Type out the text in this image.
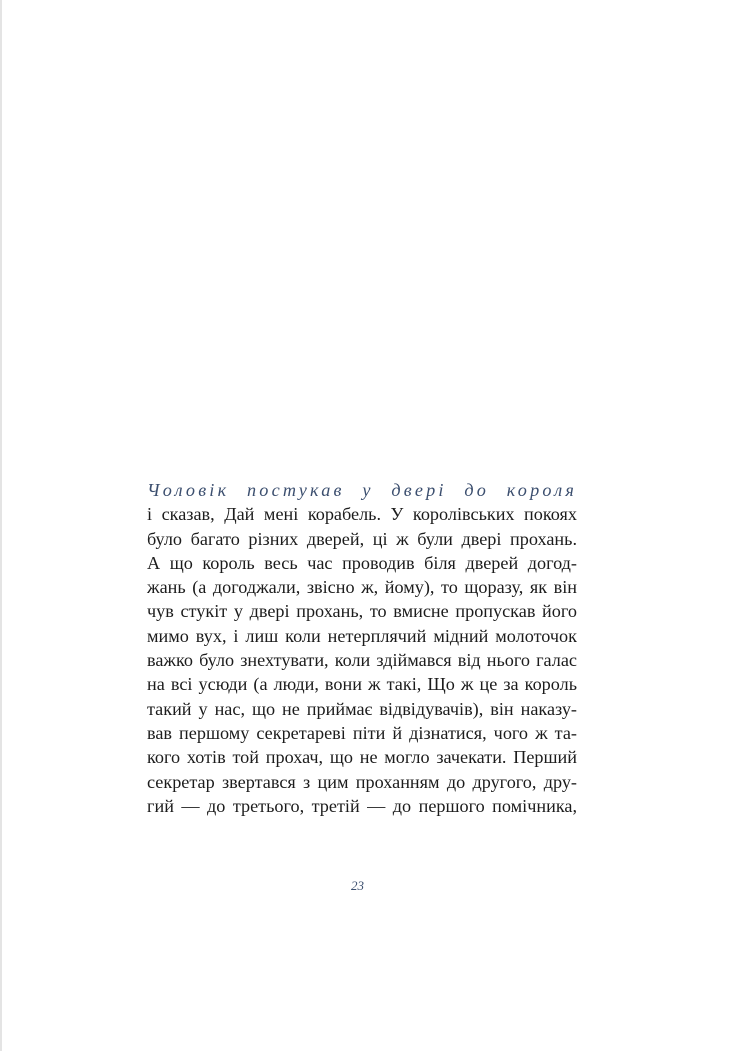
Чоловік постукав у двері до короля
і сказав, Дай мені корабель. У королівських покоях
було багато різних дверей, ці ж були двері прохань.
А що король весь час проводив біля дверей догод-
жань (а догоджали, звісно ж, йому), то щоразу, як він
чув стукіт у двері прохань, то вмисне пропускав його
мимо вух, і лиш коли нетерплячий мідний молоточок
важко було знехтувати, коли здіймався від нього галас
на всі усюди (а люди, вони ж такі, Що ж це за король
такий у нас, що не приймає відвідувачів), він наказу-
вав першому секретареві піти й дізнатися, чого ж та-
кого хотів той прохач, що не могло зачекати. Перший
секретар звертався з цим проханням до другого, дру-
гий — до третього, третій — до першого помічника,
23
